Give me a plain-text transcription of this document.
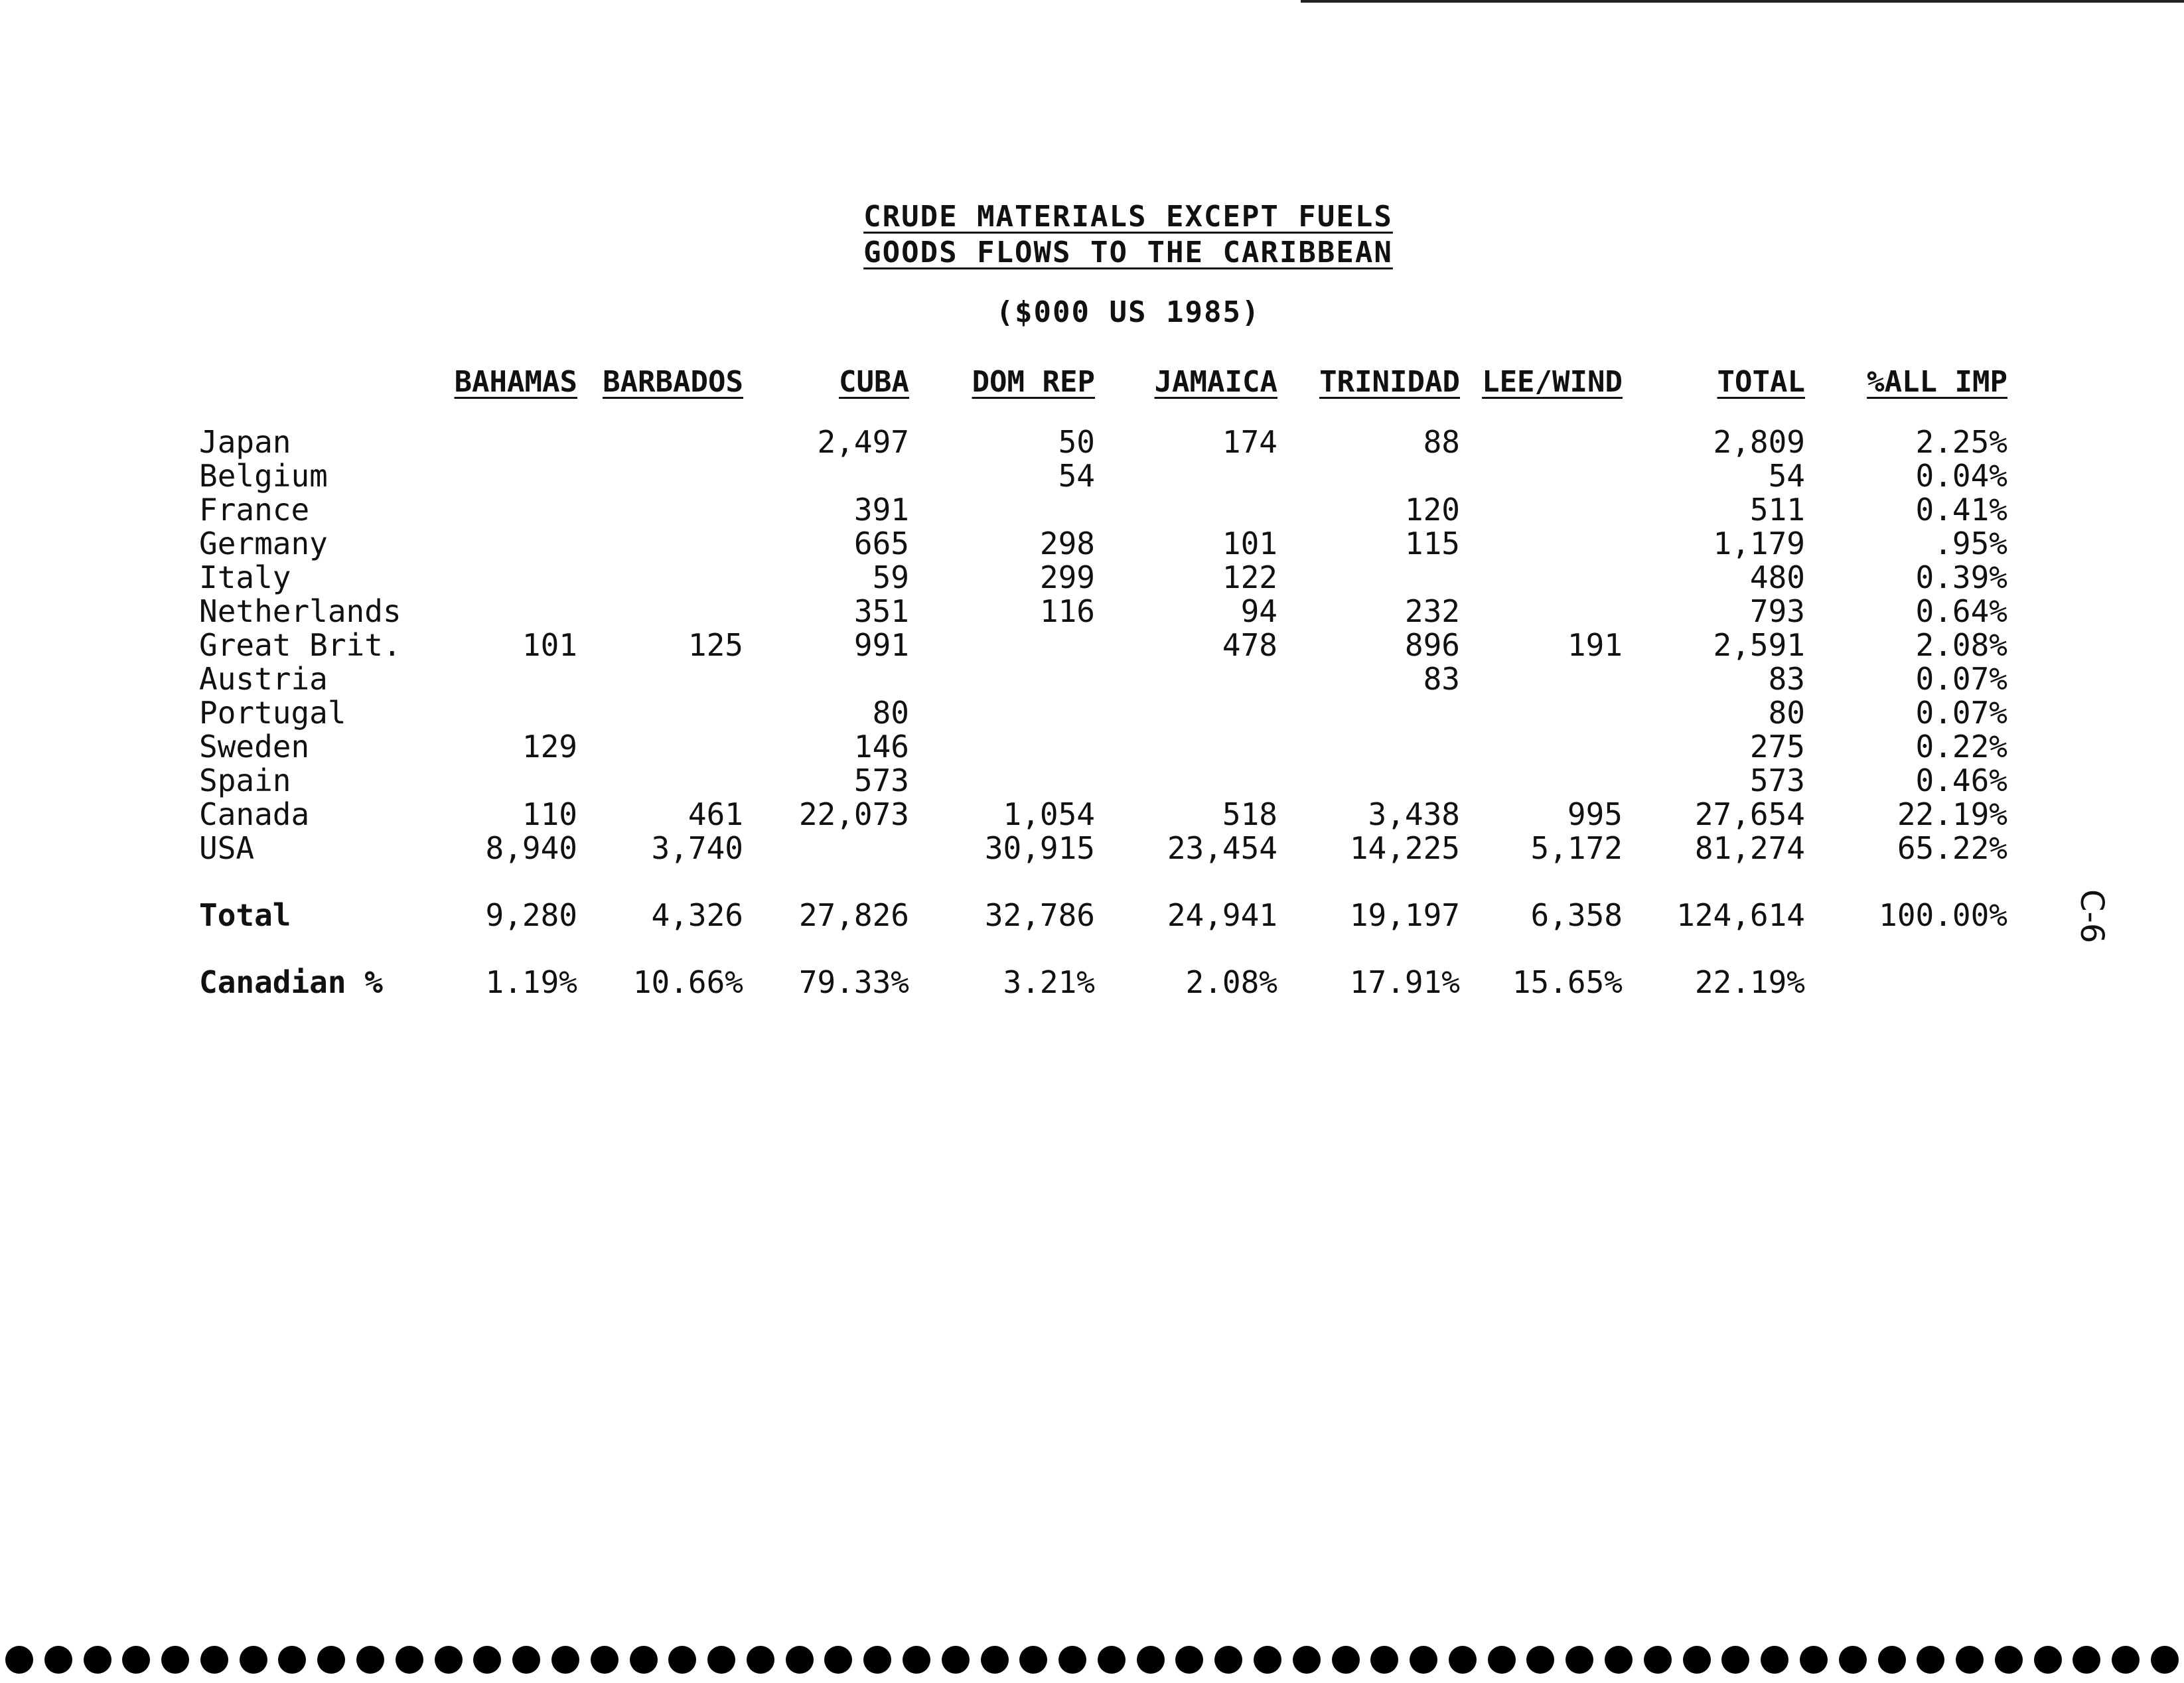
CRUDE MATERIALS EXCEPT FUELS
GOODS FLOWS TO THE CARIBBEAN
($000 US 1985)
	BAHAMAS	BARBADOS	CUBA	DOM REP	JAMAICA	TRINIDAD	LEE/WIND	TOTAL	%ALL IMP
Japan			2,497	50	174	88		2,809	2.25%
Belgium				54				54	0.04%
France			391			120		511	0.41%
Germany			665	298	101	115		1,179	.95%
Italy			59	299	122			480	0.39%
Netherlands			351	116	94	232		793	0.64%
Great Brit.	101	125	991		478	896	191	2,591	2.08%
Austria						83		83	0.07%
Portugal			80					80	0.07%
Sweden	129		146					275	0.22%
Spain			573					573	0.46%
Canada	110	461	22,073	1,054	518	3,438	995	27,654	22.19%
USA	8,940	3,740		30,915	23,454	14,225	5,172	81,274	65.22%
Total	9,280	4,326	27,826	32,786	24,941	19,197	6,358	124,614	100.00%
Canadian %	1.19%	10.66%	79.33%	3.21%	2.08%	17.91%	15.65%	22.19%	
C-6
